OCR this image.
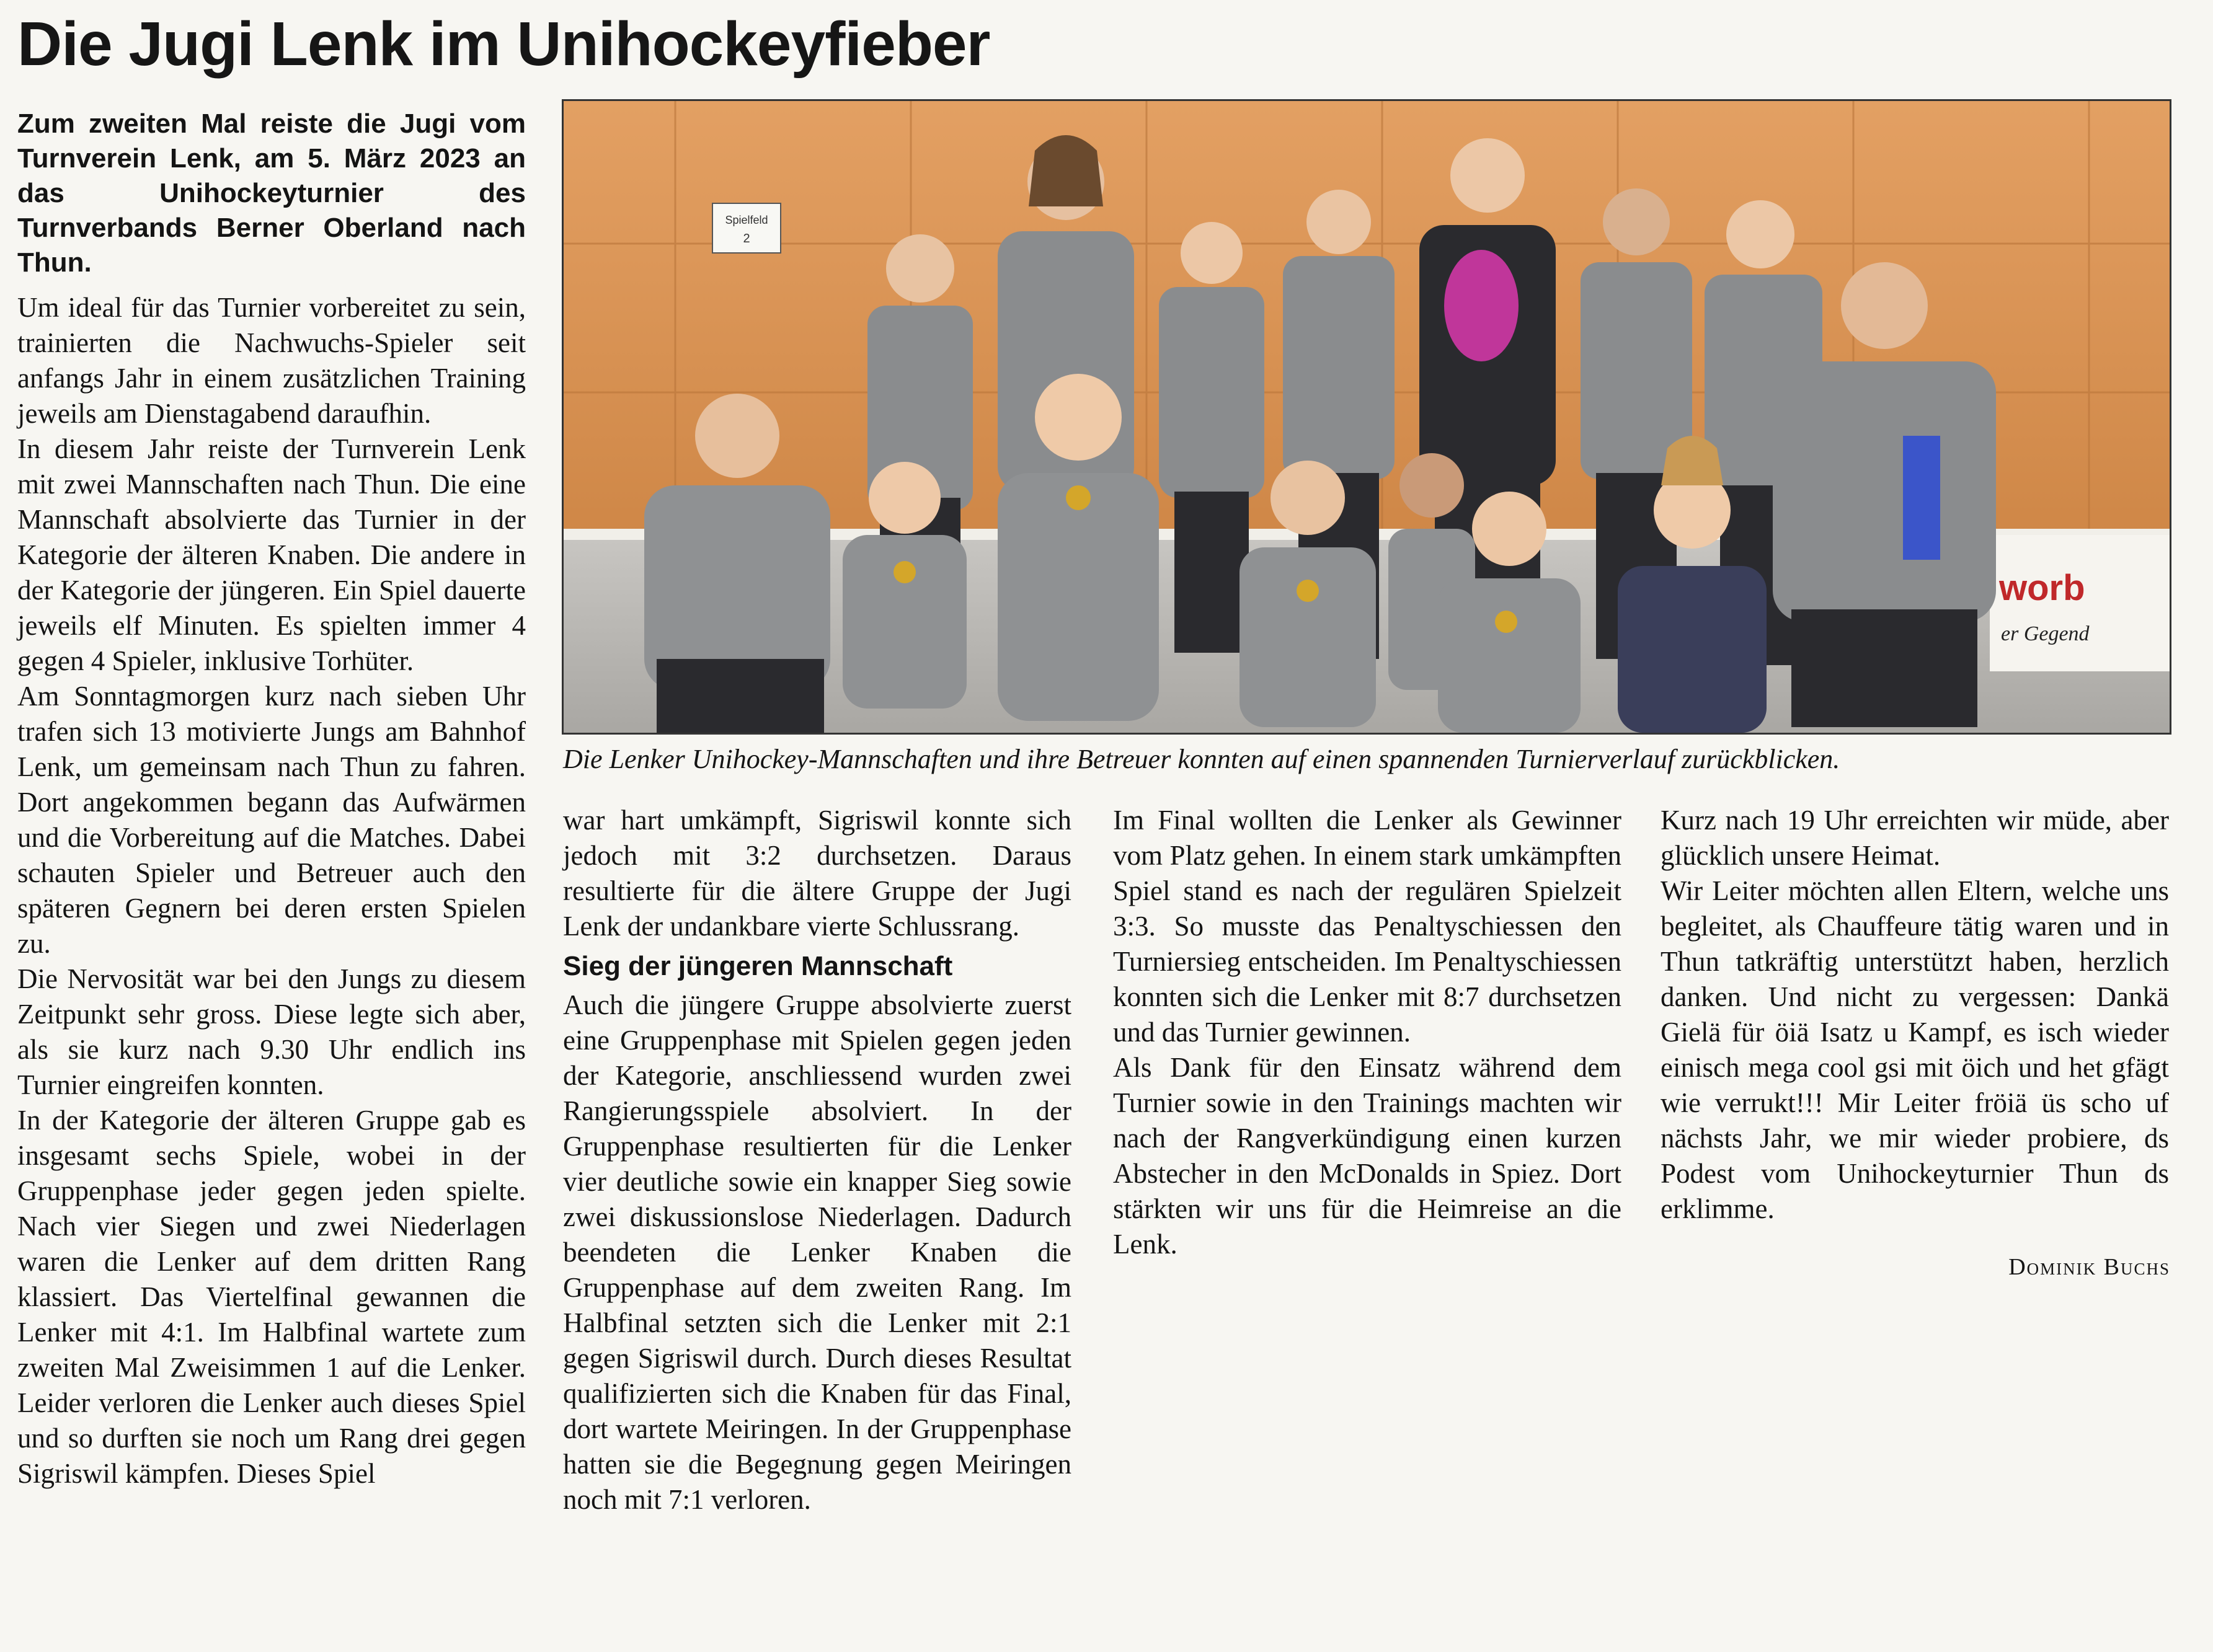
Die Jugi Lenk im Unihockeyfieber

Zum zweiten Mal reiste die Jugi vom Turnverein Lenk, am 5. März 2023 an das Unihockeyturnier des Turnverbands Berner Oberland nach Thun.

Um ideal für das Turnier vorbereitet zu sein, trainierten die Nachwuchs-Spieler seit anfangs Jahr in einem zusätzlichen Training jeweils am Dienstagabend daraufhin.

In diesem Jahr reiste der Turnverein Lenk mit zwei Mannschaften nach Thun. Die eine Mannschaft absolvierte das Turnier in der Kategorie der älteren Knaben. Die andere in der Kategorie der jüngeren. Ein Spiel dauerte jeweils elf Minuten. Es spielten immer 4 gegen 4 Spieler, inklusive Torhüter.

Am Sonntagmorgen kurz nach sieben Uhr trafen sich 13 motivierte Jungs am Bahnhof Lenk, um gemeinsam nach Thun zu fahren. Dort angekommen begann das Aufwärmen und die Vorbereitung auf die Matches. Dabei schauten Spieler und Betreuer auch den späteren Gegnern bei deren ersten Spielen zu.

Die Nervosität war bei den Jungs zu diesem Zeitpunkt sehr gross. Diese legte sich aber, als sie kurz nach 9.30 Uhr endlich ins Turnier eingreifen konnten.

In der Kategorie der älteren Gruppe gab es insgesamt sechs Spiele, wobei in der Gruppenphase jeder gegen jeden spielte. Nach vier Siegen und zwei Niederlagen waren die Lenker auf dem dritten Rang klassiert. Das Viertelfinal gewannen die Lenker mit 4:1. Im Halbfinal wartete zum zweiten Mal Zweisimmen 1 auf die Lenker. Leider verloren die Lenker auch dieses Spiel und so durften sie noch um Rang drei gegen Sigriswil kämpfen. Dieses Spiel

worb
er Gegend
Spielfeld
2

Die Lenker Unihockey-Mannschaften und ihre Betreuer konnten auf einen spannenden Turnierverlauf zurückblicken.

war hart umkämpft, Sigriswil konnte sich jedoch mit 3:2 durchsetzen. Daraus resultierte für die ältere Gruppe der Jugi Lenk der undankbare vierte Schlussrang.

Sieg der jüngeren Mannschaft

Auch die jüngere Gruppe absolvierte zuerst eine Gruppenphase mit Spielen gegen jeden der Kategorie, anschliessend wurden zwei Rangierungsspiele absolviert. In der Gruppenphase resultierten für die Lenker vier deutliche sowie ein knapper Sieg sowie zwei diskussionslose Niederlagen. Dadurch beendeten die Lenker Knaben die Gruppenphase auf dem zweiten Rang. Im Halbfinal setzten sich die Lenker mit 2:1 gegen Sigriswil durch. Durch dieses Resultat qualifizierten sich die Knaben für das Final, dort wartete Meiringen. In der Gruppenphase hatten sie die Begegnung gegen Meiringen noch mit 7:1 verloren.

Im Final wollten die Lenker als Gewinner vom Platz gehen. In einem stark umkämpften Spiel stand es nach der regulären Spielzeit 3:3. So musste das Penaltyschiessen den Turniersieg entscheiden. Im Penaltyschiessen konnten sich die Lenker mit 8:7 durchsetzen und das Turnier gewinnen.

Als Dank für den Einsatz während dem Turnier sowie in den Trainings machten wir nach der Rangverkündigung einen kurzen Abstecher in den McDonalds in Spiez. Dort stärkten wir uns für die Heimreise an die Lenk.

Kurz nach 19 Uhr erreichten wir müde, aber glücklich unsere Heimat.

Wir Leiter möchten allen Eltern, welche uns begleitet, als Chauffeure tätig waren und in Thun tatkräftig unterstützt haben, herzlich danken. Und nicht zu vergessen: Dankä Gielä für öiä Isatz u Kampf, es isch wieder einisch mega cool gsi mit öich und het gfägt wie verrukt!!! Mir Leiter fröiä üs scho uf nächsts Jahr, we mir wieder probiere, ds Podest vom Unihockeyturnier Thun ds erklimme.

Dominik Buchs
